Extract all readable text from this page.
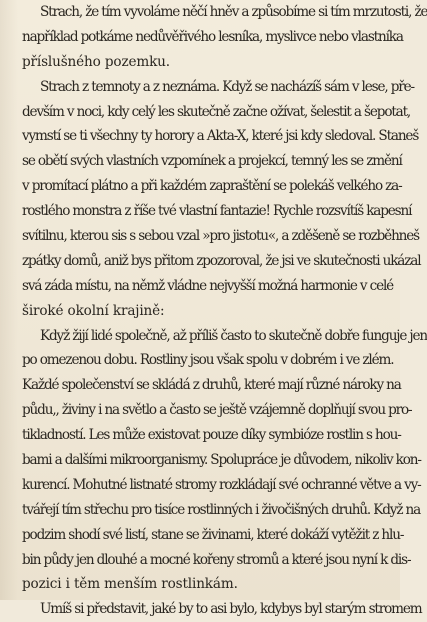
Strach, že tím vyvoláme něčí hněv a způsobíme si tím mrzutosti, že
například potkáme nedůvěřivého lesníka, myslivce nebo vlastníka
příslušného pozemku.
Strach z temnoty a z neznáma. Když se nacházíš sám v lese, pře-
devším v noci, kdy celý les skutečně začne ožívat, šelestit a šepotat,
vymstí se ti všechny ty horory a Akta-X, které jsi kdy sledoval. Staneš
se obětí svých vlastních vzpomínek a projekcí, temný les se změní
v promítací plátno a při každém zapraštění se polekáš velkého za-
rostlého monstra z říše tvé vlastní fantazie! Rychle rozsvítíš kapesní
svítilnu, kterou sis s sebou vzal »pro jistotu«, a zděšeně se rozběhneš
zpátky domů, aniž bys přitom zpozoroval, že jsi ve skutečnosti ukázal
svá záda místu, na němž vládne nejvyšší možná harmonie v celé
široké okolní krajině:
Když žijí lidé společně, až příliš často to skutečně dobře funguje jen
po omezenou dobu. Rostliny jsou však spolu v dobrém i ve zlém.
Každé společenství se skládá z druhů, které mají různé nároky na
půdu,, živiny i na světlo a často se ještě vzájemně doplňují svou pro-
tikladností. Les může existovat pouze díky symbióze rostlin s hou-
bami a dalšími mikroorganismy. Spolupráce je důvodem, nikoliv kon-
kurencí. Mohutné listnaté stromy rozkládají své ochranné větve a vy-
tvářejí tím střechu pro tisíce rostlinných i živočišných druhů. Když na
podzim shodí své listí, stane se živinami, které dokáží vytěžit z hlu-
bin půdy jen dlouhé a mocné kořeny stromů a které jsou nyní k dis-
pozici i těm menším rostlinkám.
Umíš si představit, jaké by to asi bylo, kdybys byl starým stromem
